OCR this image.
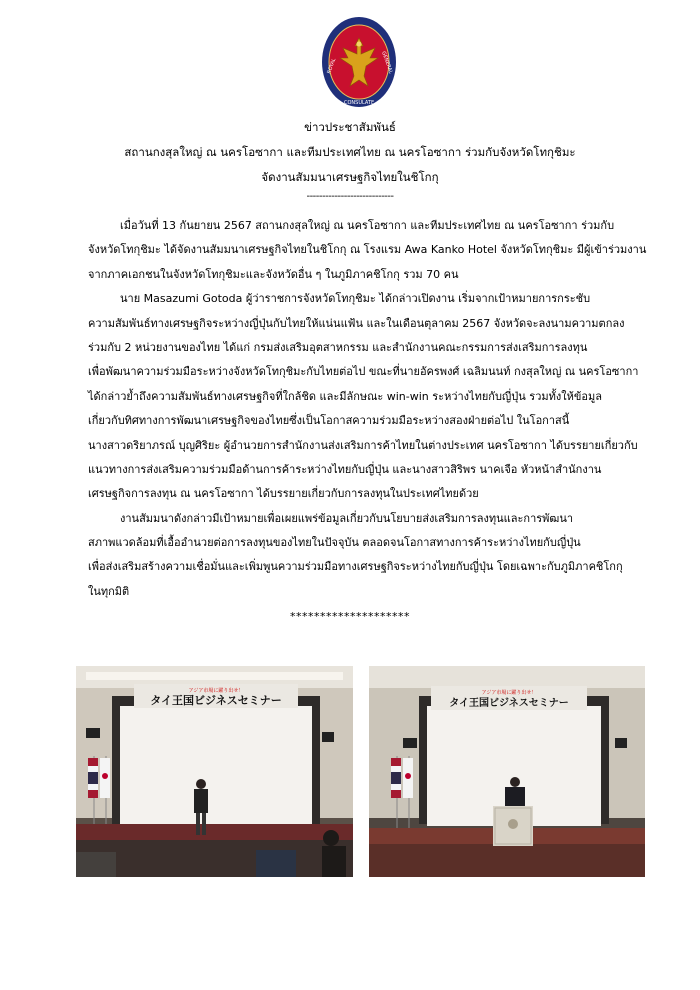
ROYAL	GENERAL
CONSULATE
ข่าวประชาสัมพันธ์
สถานกงสุลใหญ่ ณ นครโอซากา และทีมประเทศไทย ณ นครโอซากา ร่วมกับจังหวัดโทกุชิมะ
จัดงานสัมมนาเศรษฐกิจไทยในชิโกกุ
----------------------------
เมื่อวันที่ 13 กันยายน 2567 สถานกงสุลใหญ่ ณ นครโอซากา และทีมประเทศไทย ณ นครโอซากา ร่วมกับ
จังหวัดโทกุชิมะ ได้จัดงานสัมมนาเศรษฐกิจไทยในชิโกกุ ณ โรงแรม Awa Kanko Hotel จังหวัดโทกุชิมะ มีผู้เข้าร่วมงาน
จากภาคเอกชนในจังหวัดโทกุชิมะและจังหวัดอื่น ๆ ในภูมิภาคชิโกกุ รวม 70 คน
นาย Masazumi Gotoda ผู้ว่าราชการจังหวัดโทกุชิมะ ได้กล่าวเปิดงาน เริ่มจากเป้าหมายการกระชับ
ความสัมพันธ์ทางเศรษฐกิจระหว่างญี่ปุ่นกับไทยให้แน่นแฟ้น และในเดือนตุลาคม 2567 จังหวัดจะลงนามความตกลง
ร่วมกับ 2 หน่วยงานของไทย ได้แก่ กรมส่งเสริมอุตสาหกรรม และสำนักงานคณะกรรมการส่งเสริมการลงทุน
เพื่อพัฒนาความร่วมมือระหว่างจังหวัดโทกุชิมะกับไทยต่อไป ขณะที่นายอัครพงศ์ เฉลิมนนท์ กงสุลใหญ่ ณ นครโอซากา
ได้กล่าวย้ำถึงความสัมพันธ์ทางเศรษฐกิจที่ใกล้ชิด และมีลักษณะ win-win ระหว่างไทยกับญี่ปุ่น รวมทั้งให้ข้อมูล
เกี่ยวกับทิศทางการพัฒนาเศรษฐกิจของไทยซึ่งเป็นโอกาสความร่วมมือระหว่างสองฝ่ายต่อไป ในโอกาสนี้
นางสาวดริยาภรณ์ บุญศิริยะ ผู้อำนวยการสำนักงานส่งเสริมการค้าไทยในต่างประเทศ นครโอซากา ได้บรรยายเกี่ยวกับ
แนวทางการส่งเสริมความร่วมมือด้านการค้าระหว่างไทยกับญี่ปุ่น และนางสาวสิริพร นาคเจือ หัวหน้าสำนักงาน
เศรษฐกิจการลงทุน ณ นครโอซากา ได้บรรยายเกี่ยวกับการลงทุนในประเทศไทยด้วย
งานสัมมนาดังกล่าวมีเป้าหมายเพื่อเผยแพร่ข้อมูลเกี่ยวกับนโยบายส่งเสริมการลงทุนและการพัฒนา
สภาพแวดล้อมที่เอื้ออำนวยต่อการลงทุนของไทยในปัจจุบัน ตลอดจนโอกาสทางการค้าระหว่างไทยกับญี่ปุ่น
เพื่อส่งเสริมสร้างความเชื่อมั่นและเพิ่มพูนความร่วมมือทางเศรษฐกิจระหว่างไทยกับญี่ปุ่น โดยเฉพาะกับภูมิภาคชิโกกุ
ในทุกมิติ
********************
アジア市場に躍り出せ！
タイ王国ビジネスセミナー
アジア市場に躍り出せ！
タイ王国ビジネスセミナー
